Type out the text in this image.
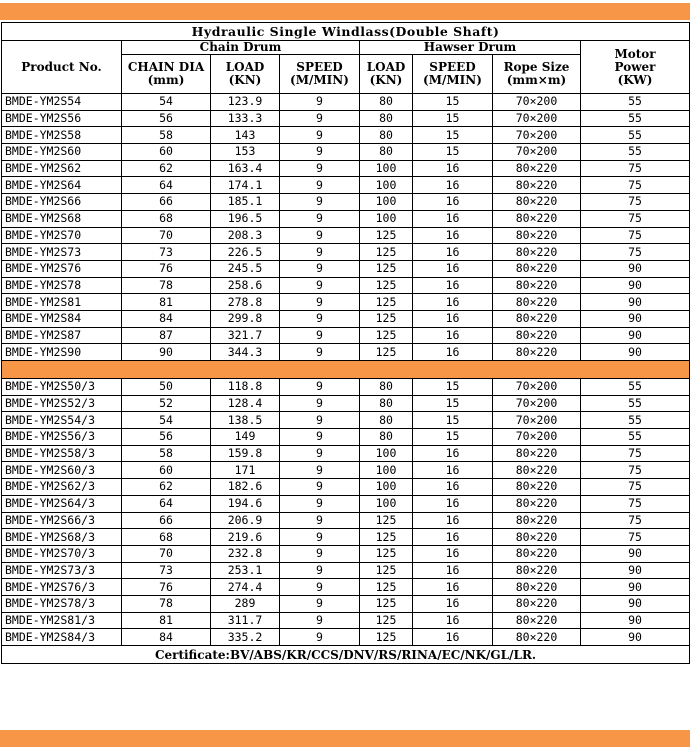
Hydraulic Single Windlass(Double Shaft)							
Product No.	Chain Drum			Hawser Drum			Motor Power (KW)
	CHAIN DIA (mm)	LOAD (KN)	SPEED (M/MIN)	LOAD (KN)	SPEED (M/MIN)	Rope Size (mm×m)	
BMDE-YM2S54	54	123.9	9	80	15	70×200	55
BMDE-YM2S56	56	133.3	9	80	15	70×200	55
BMDE-YM2S58	58	143	9	80	15	70×200	55
BMDE-YM2S60	60	153	9	80	15	70×200	55
BMDE-YM2S62	62	163.4	9	100	16	80×220	75
BMDE-YM2S64	64	174.1	9	100	16	80×220	75
BMDE-YM2S66	66	185.1	9	100	16	80×220	75
BMDE-YM2S68	68	196.5	9	100	16	80×220	75
BMDE-YM2S70	70	208.3	9	125	16	80×220	75
BMDE-YM2S73	73	226.5	9	125	16	80×220	75
BMDE-YM2S76	76	245.5	9	125	16	80×220	90
BMDE-YM2S78	78	258.6	9	125	16	80×220	90
BMDE-YM2S81	81	278.8	9	125	16	80×220	90
BMDE-YM2S84	84	299.8	9	125	16	80×220	90
BMDE-YM2S87	87	321.7	9	125	16	80×220	90
BMDE-YM2S90	90	344.3	9	125	16	80×220	90

BMDE-YM2S50/3	50	118.8	9	80	15	70×200	55
BMDE-YM2S52/3	52	128.4	9	80	15	70×200	55
BMDE-YM2S54/3	54	138.5	9	80	15	70×200	55
BMDE-YM2S56/3	56	149	9	80	15	70×200	55
BMDE-YM2S58/3	58	159.8	9	100	16	80×220	75
BMDE-YM2S60/3	60	171	9	100	16	80×220	75
BMDE-YM2S62/3	62	182.6	9	100	16	80×220	75
BMDE-YM2S64/3	64	194.6	9	100	16	80×220	75
BMDE-YM2S66/3	66	206.9	9	125	16	80×220	75
BMDE-YM2S68/3	68	219.6	9	125	16	80×220	75
BMDE-YM2S70/3	70	232.8	9	125	16	80×220	90
BMDE-YM2S73/3	73	253.1	9	125	16	80×220	90
BMDE-YM2S76/3	76	274.4	9	125	16	80×220	90
BMDE-YM2S78/3	78	289	9	125	16	80×220	90
BMDE-YM2S81/3	81	311.7	9	125	16	80×220	90
BMDE-YM2S84/3	84	335.2	9	125	16	80×220	90
Certificate:BV/ABS/KR/CCS/DNV/RS/RINA/EC/NK/GL/LR.							
